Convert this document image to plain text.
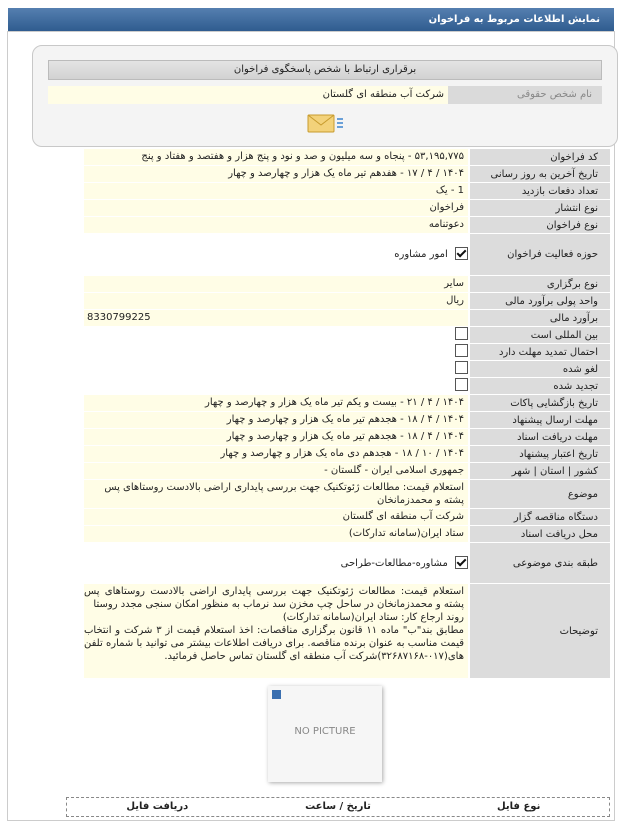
نمایش اطلاعات مربوط به فراخوان
برقراری ارتباط با شخص پاسخگوی فراخوان
نام شخص حقوقی
شرکت آب منطقه ای گلستان
کد فراخوان
۵۳,۱۹۵,۷۷۵ - پنجاه و سه میلیون و صد و نود و پنج هزار و هفتصد و هفتاد و پنج
تاریخ آخرین به روز رسانی
۱۴۰۴ / ۴ / ۱۷ - هفدهم تیر ماه یک هزار و چهارصد و چهار
تعداد دفعات بازدید
1 - یک
نوع انتشار
فراخوان
نوع فراخوان
دعوتنامه
حوزه فعالیت فراخوان
امور مشاوره
نوع برگزاری
سایر
واحد پولی برآورد مالی
ریال
برآورد مالی
8330799225
بین المللی است
احتمال تمدید مهلت دارد
لغو شده
تجدید شده
تاریخ بازگشایی پاکات
۱۴۰۴ / ۴ / ۲۱ - بیست و یکم تیر ماه یک هزار و چهارصد و چهار
مهلت ارسال پیشنهاد
۱۴۰۴ / ۴ / ۱۸ - هجدهم تیر ماه یک هزار و چهارصد و چهار
مهلت دریافت اسناد
۱۴۰۴ / ۴ / ۱۸ - هجدهم تیر ماه یک هزار و چهارصد و چهار
تاریخ اعتبار پیشنهاد
۱۴۰۴ / ۱۰ / ۱۸ - هجدهم دی ماه یک هزار و چهارصد و چهار
کشور | استان | شهر
جمهوری اسلامی ایران - گلستان -
موضوع
استعلام قیمت: مطالعات ژئوتکنیک جهت بررسی پایداری اراضی بالادست روستاهای پس پشته و محمدزمانخان
دستگاه مناقصه گزار
شرکت آب منطقه ای گلستان
محل دریافت اسناد
ستاد ایران(سامانه تدارکات)
طبقه بندی موضوعی
مشاوره-مطالعات-طراحی
توضیحات
استعلام قیمت: مطالعات ژئوتکنیک جهت بررسی پایداری اراضی بالادست روستاهای پس پشته و محمدزمانخان در ساحل چپ مخزن سد نرماب به منظور امکان سنجی مجدد روستا
روند ارجاع کار: ستاد ایران(سامانه تدارکات)
مطابق بند"ب" ماده ۱۱ قانون برگزاری مناقصات: اخذ استعلام قیمت از ۳ شرکت و انتخاب قیمت مناسب به عنوان برنده مناقصه. برای دریافت اطلاعات بیشتر می توانید با شماره تلفن های(۰۱۷-۳۲۶۸۷۱۶۸)شرکت آب منطقه ای گلستان تماس حاصل فرمائید.
NO PICTURE
نوع فایل
تاریخ / ساعت
دریافت فایل
